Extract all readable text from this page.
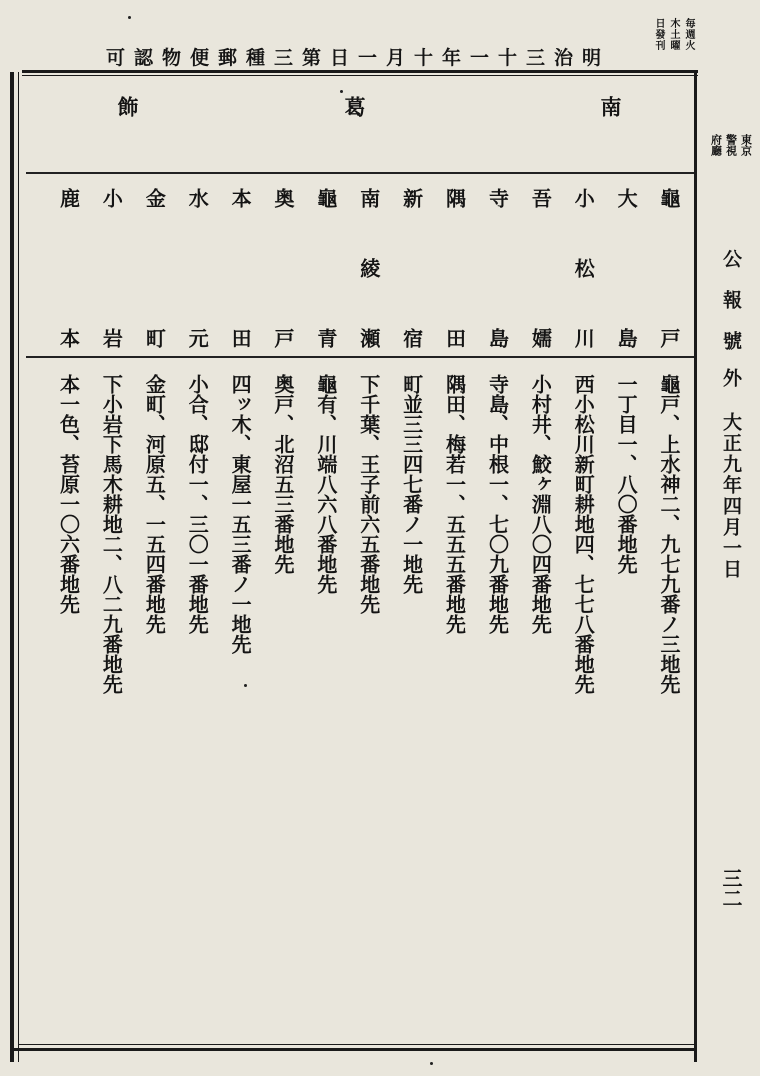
毎週火
木土曜
日發刊
可認物便郵種三第日一月十年一十三治明
南
葛
飾
龜戸
龜戸、上水神二、九七九番ノ三地先
大島
一丁目一、八〇番地先
小松川
西小松川新町耕地四、七七八番地先
吾嬬
小村井、鮫ヶ淵八〇四番地先
寺島
寺島、中根一、七〇九番地先
隅田
隅田、梅若一、五五五番地先
新宿
町並三三四七番ノ一地先
南綾瀬
下千葉、王子前六五番地先
龜青
龜有、川端八六八番地先
奥戸
奥戸、北沼五三番地先
本田
四ッ木、東屋一五三番ノ一地先
水元
小合、邸付一、三〇一番地先
金町
金町、河原五、一五四番地先
小岩
下小岩下馬木耕地二、八二九番地先
鹿本
本一色、苔原一〇六番地先
東京
警視
府廳
公報號
外
大正九年四月一日
三二
